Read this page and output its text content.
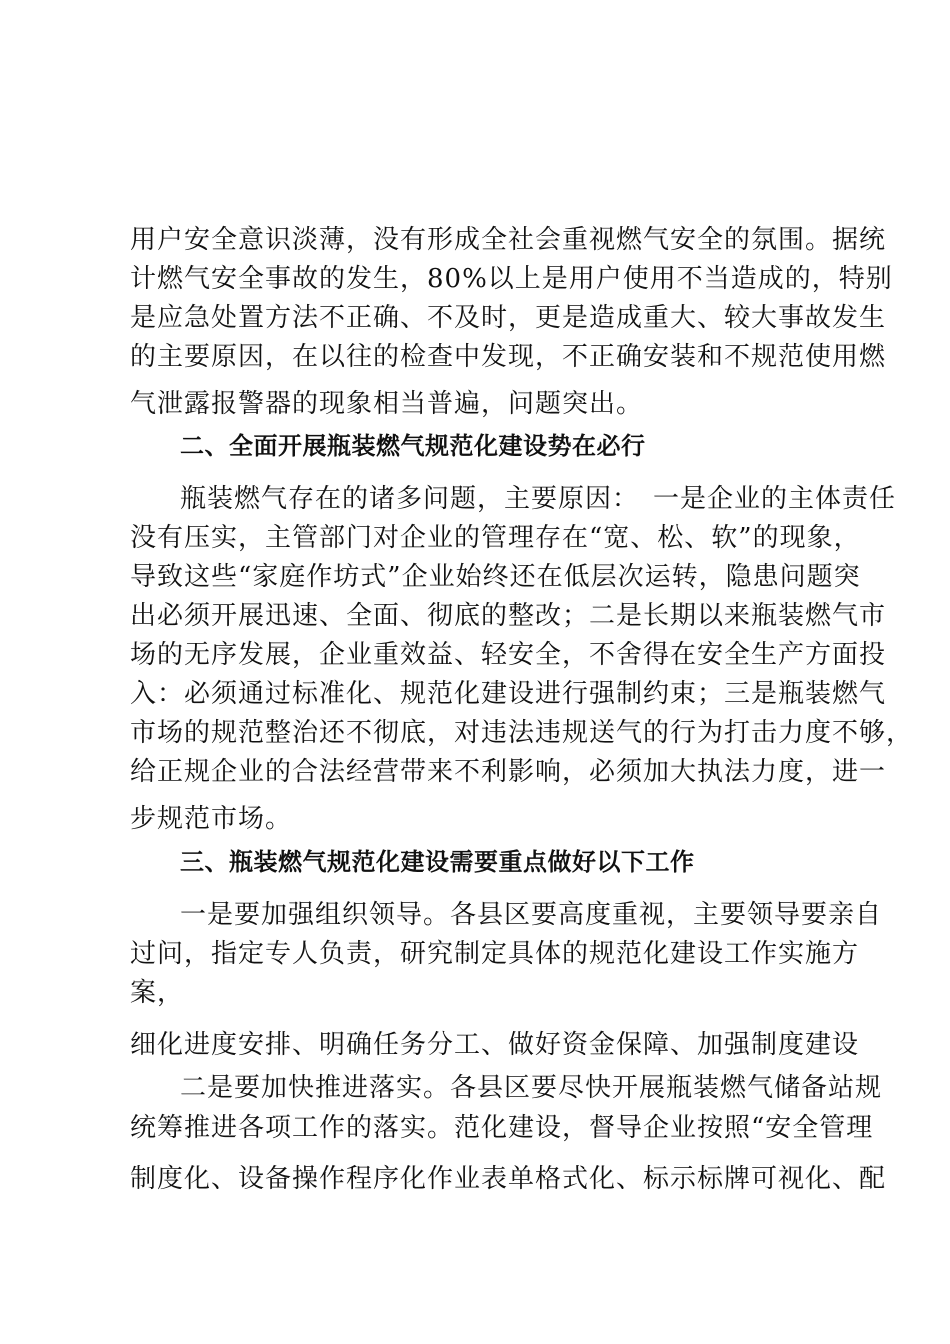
用户安全意识淡薄，没有形成全社会重视燃气安全的氛围。据统
计燃气安全事故的发生，80%以上是用户使用不当造成的，特别
是应急处置方法不正确、不及时，更是造成重大、较大事故发生
的主要原因，在以往的检查中发现，不正确安装和不规范使用燃
气泄露报警器的现象相当普遍，问题突出。
二、全面开展瓶装燃气规范化建设势在必行
瓶装燃气存在的诸多问题，主要原因：　一是企业的主体责任
没有压实，主管部门对企业的管理存在“宽、松、软”的现象，
导致这些“家庭作坊式”企业始终还在低层次运转，隐患问题突
出必须开展迅速、全面、彻底的整改；二是长期以来瓶装燃气市
场的无序发展，企业重效益、轻安全，不舍得在安全生产方面投
入：必须通过标准化、规范化建设进行强制约束；三是瓶装燃气
市场的规范整治还不彻底，对违法违规送气的行为打击力度不够，
给正规企业的合法经营带来不利影响，必须加大执法力度，进一
步规范市场。
三、瓶装燃气规范化建设需要重点做好以下工作
一是要加强组织领导。各县区要高度重视，主要领导要亲自
过问，指定专人负责，研究制定具体的规范化建设工作实施方
案，
细化进度安排、明确任务分工、做好资金保障、加强制度建设
二是要加快推进落实。各县区要尽快开展瓶装燃气储备站规
统筹推进各项工作的落实。范化建设，督导企业按照“安全管理
制度化、设备操作程序化作业表单格式化、标示标牌可视化、配
